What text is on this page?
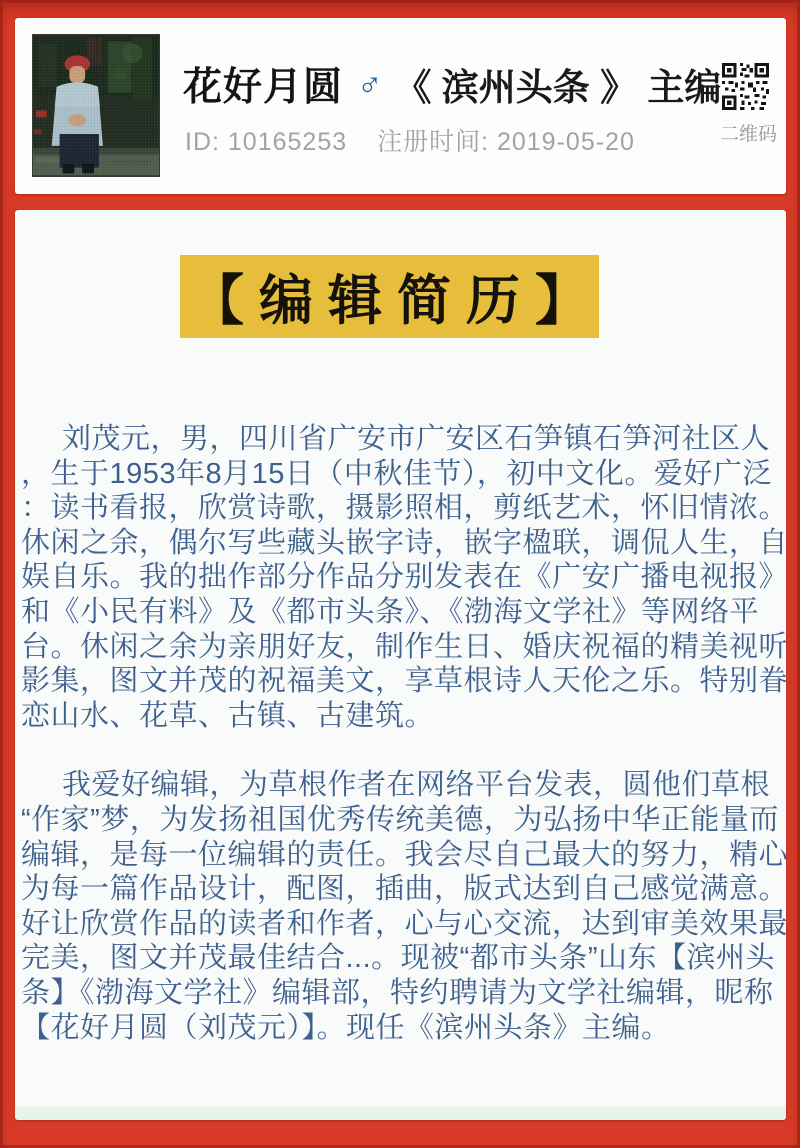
花好月圆 ♂ 《 滨州头条 》 主编
ID: 10165253 注册时间: 2019-05-20	二维码
【 编 辑 简 历 】
刘茂元，男，四川省广安市广安区石笋镇石笋河社区人
，生于1953年8月15日（中秋佳节），初中文化。爱好广泛
：读书看报，欣赏诗歌，摄影照相，剪纸艺术，怀旧情浓。
休闲之余，偶尔写些藏头嵌字诗，嵌字楹联，调侃人生，自
娱自乐。我的拙作部分作品分别发表在《广安广播电视报》
和《小民有料》及《都市头条》、《渤海文学社》等网络平
台。休闲之余为亲朋好友，制作生日、婚庆祝福的精美视听
影集，图文并茂的祝福美文，享草根诗人天伦之乐。特别眷
恋山水、花草、古镇、古建筑。
我爱好编辑，为草根作者在网络平台发表，圆他们草根
“作家”梦，为发扬祖国优秀传统美德，为弘扬中华正能量而
编辑，是每一位编辑的责任。我会尽自己最大的努力，精心
为每一篇作品设计，配图，插曲，版式达到自己感觉满意。
好让欣赏作品的读者和作者，心与心交流，达到审美效果最
完美，图文并茂最佳结合...。现被“都市头条”山东【滨州头
条】《渤海文学社》编辑部，特约聘请为文学社编辑，昵称
【花好月圆（刘茂元）】。现任《滨州头条》主编。
